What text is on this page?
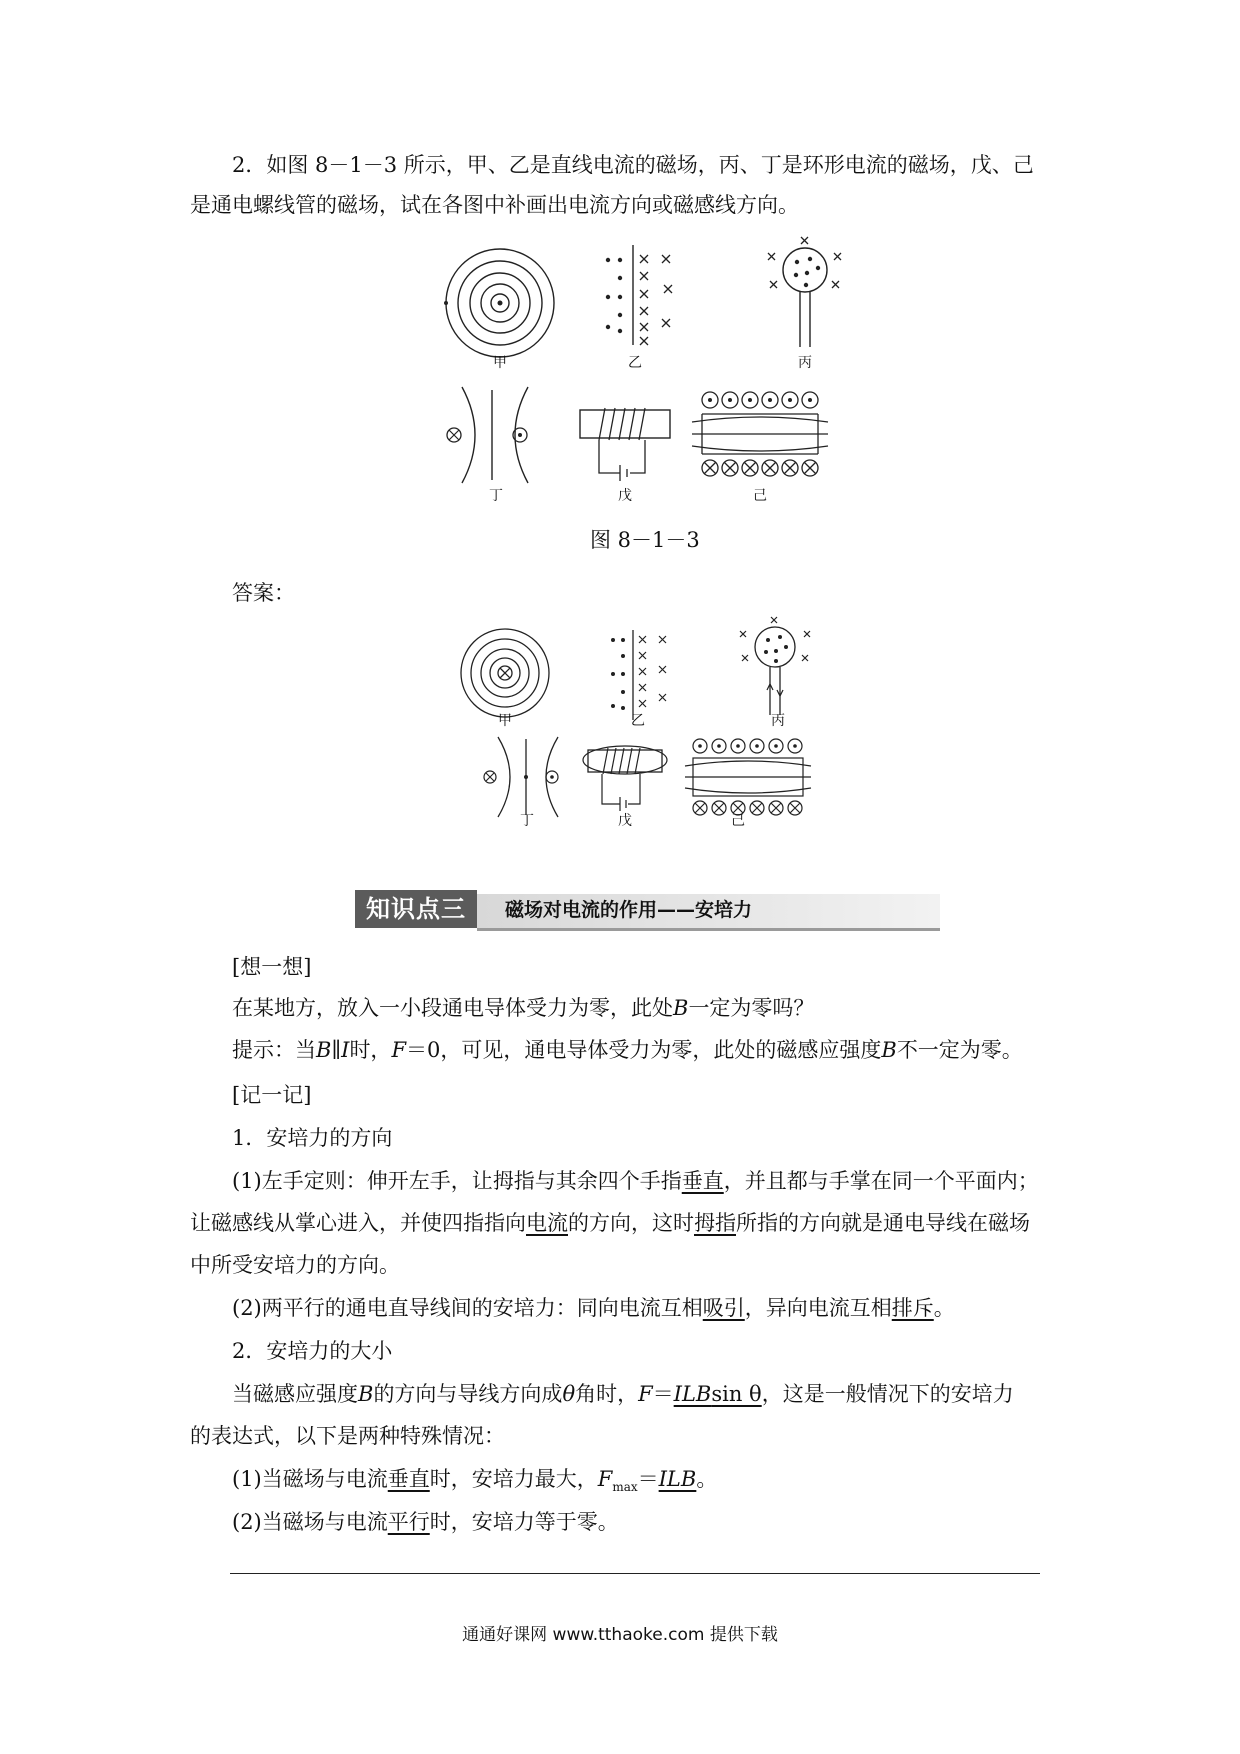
2．如图 8－1－3 所示，甲、乙是直线电流的磁场，丙、丁是环形电流的磁场，戊、己
是通电螺线管的磁场，试在各图中补画出电流方向或磁感线方向。
甲	乙	丙
丁	戊	己
图 8－1－3
答案：
甲	乙	丙
丁	戊	己
知识点三	磁场对电流的作用——安培力
[想一想]
在某地方，放入一小段通电导体受力为零，此处B一定为零吗？
提示：当B∥I时，F＝0，可见，通电导体受力为零，此处的磁感应强度B不一定为零。
[记一记]
1．安培力的方向
(1)左手定则：伸开左手，让拇指与其余四个手指垂直，并且都与手掌在同一个平面内；
让磁感线从掌心进入，并使四指指向电流的方向，这时拇指所指的方向就是通电导线在磁场
中所受安培力的方向。
(2)两平行的通电直导线间的安培力：同向电流互相吸引，异向电流互相排斥。
2．安培力的大小
当磁感应强度B的方向与导线方向成θ角时，F＝ILBsin θ，这是一般情况下的安培力
的表达式，以下是两种特殊情况：
(1)当磁场与电流垂直时，安培力最大，$F_{max}=ILB$。
(2)当磁场与电流平行时，安培力等于零。
通通好课网 www.tthaoke.com 提供下载
